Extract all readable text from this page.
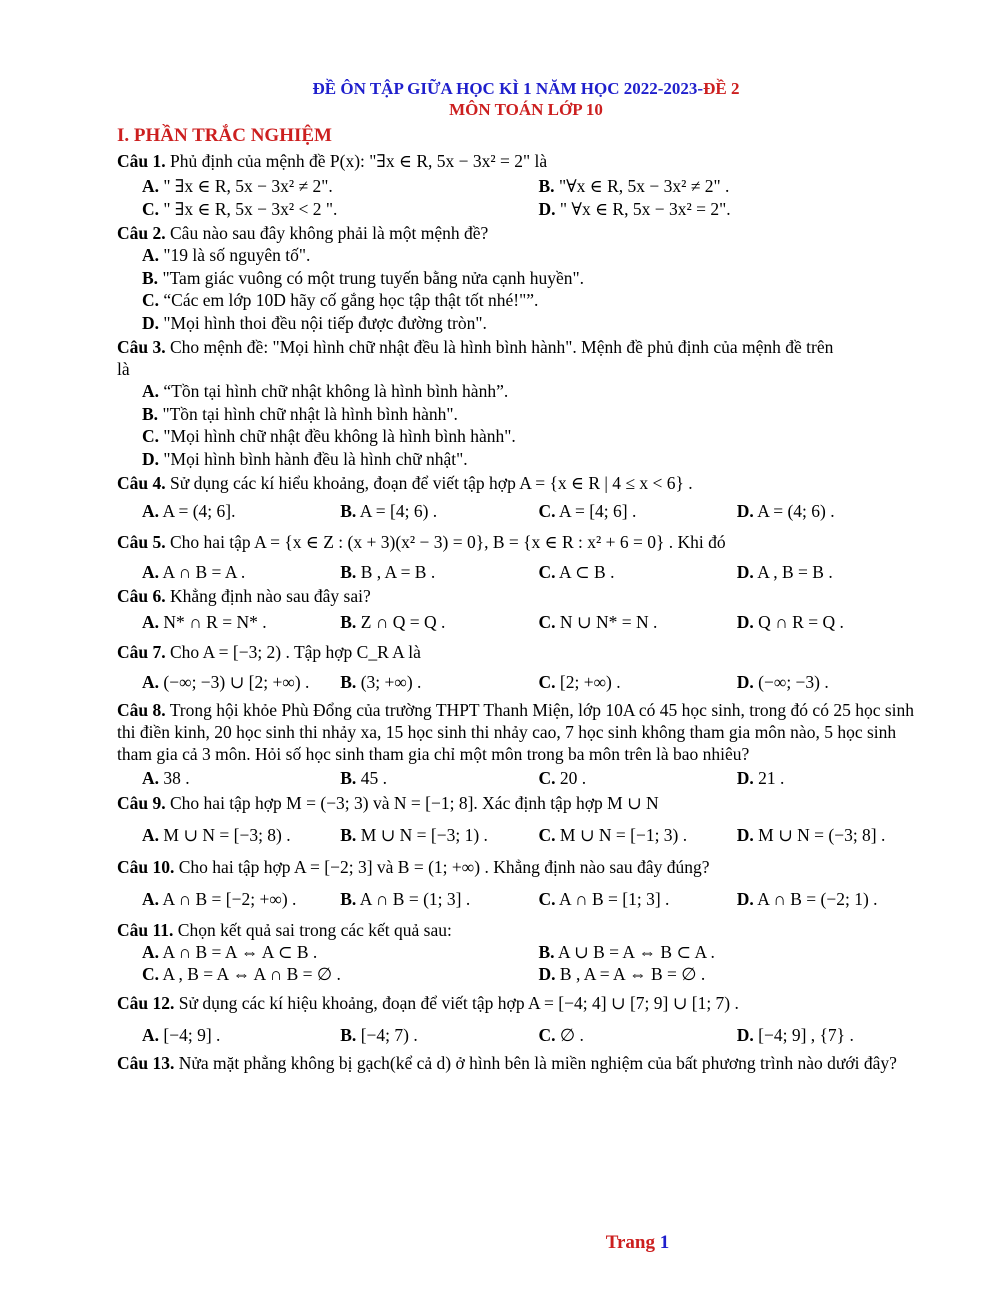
ĐỀ ÔN TẬP GIỮA HỌC KÌ 1 NĂM HỌC 2022-2023-ĐỀ 2
MÔN TOÁN LỚP 10
I. PHẦN TRẮC NGHIỆM
Câu 1. Phủ định của mệnh đề P(x): "∃x ∈ R, 5x − 3x² = 2" là
A. " ∃x ∈ R, 5x − 3x² ≠ 2".	B. "∀x ∈ R, 5x − 3x² ≠ 2" .
C. " ∃x ∈ R, 5x − 3x² < 2 ".	D. " ∀x ∈ R, 5x − 3x² = 2".
Câu 2. Câu nào sau đây không phải là một mệnh đề?
A. "19 là số nguyên tố".
B. "Tam giác vuông có một trung tuyến bằng nửa cạnh huyền".
C. “Các em lớp 10D hãy cố gắng học tập thật tốt nhé!"”.
D. "Mọi hình thoi đều nội tiếp được đường tròn".
Câu 3. Cho mệnh đề: "Mọi hình chữ nhật đều là hình bình hành". Mệnh đề phủ định của mệnh đề trên
là
A. “Tồn tại hình chữ nhật không là hình bình hành”.
B. "Tồn tại hình chữ nhật là hình bình hành".
C. "Mọi hình chữ nhật đều không là hình bình hành".
D. "Mọi hình bình hành đều là hình chữ nhật".
Câu 4. Sử dụng các kí hiểu khoảng, đoạn để viết tập hợp A = {x ∈ R | 4 ≤ x < 6} .
A. A = (4; 6].	B. A = [4; 6) .	C. A = [4; 6] .	D. A = (4; 6) .
Câu 5. Cho hai tập A = {x ∈ Z : (x + 3)(x² − 3) = 0}, B = {x ∈ R : x² + 6 = 0} . Khi đó
A. A ∩ B = A .	B. B , A = B .	C. A ⊂ B .	D. A , B = B .
Câu 6. Khẳng định nào sau đây sai?
A. N* ∩ R = N* .	B. Z ∩ Q = Q .	C. N ∪ N* = N .	D. Q ∩ R = Q .
Câu 7. Cho A = [−3; 2) . Tập hợp C_R A là
A. (−∞; −3) ∪ [2; +∞) .	B. (3; +∞) .	C. [2; +∞) .	D. (−∞; −3) .
Câu 8. Trong hội khỏe Phù Đổng của trường THPT Thanh Miện, lớp 10A có 45 học sinh, trong đó có 25 học sinh thi điền kinh, 20 học sinh thi nhảy xa, 15 học sinh thi nhảy cao, 7 học sinh không tham gia môn nào, 5 học sinh tham gia cả 3 môn. Hỏi số học sinh tham gia chỉ một môn trong ba môn trên là bao nhiêu?
A. 38 .	B. 45 .	C. 20 .	D. 21 .
Câu 9. Cho hai tập hợp M = (−3; 3) và N = [−1; 8]. Xác định tập hợp M ∪ N
A. M ∪ N = [−3; 8) .	B. M ∪ N = [−3; 1) .	C. M ∪ N = [−1; 3) .	D. M ∪ N = (−3; 8] .
Câu 10. Cho hai tập hợp A = [−2; 3] và B = (1; +∞) . Khẳng định nào sau đây đúng?
A. A ∩ B = [−2; +∞) .	B. A ∩ B = (1; 3] .	C. A ∩ B = [1; 3] .	D. A ∩ B = (−2; 1) .
Câu 11. Chọn kết quả sai trong các kết quả sau:
A. A ∩ B = A ⇔ A ⊂ B .	B. A ∪ B = A ⇔ B ⊂ A .
C. A , B = A ⇔ A ∩ B = ∅ .	D. B , A = A ⇔ B = ∅ .
Câu 12. Sử dụng các kí hiệu khoảng, đoạn để viết tập hợp A = [−4; 4] ∪ [7; 9] ∪ [1; 7) .
A. [−4; 9] .	B. [−4; 7) .	C. ∅ .	D. [−4; 9] , {7} .
Câu 13. Nửa mặt phẳng không bị gạch(kể cả d) ở hình bên là miền nghiệm của bất phương trình nào dưới đây?
Trang 1
